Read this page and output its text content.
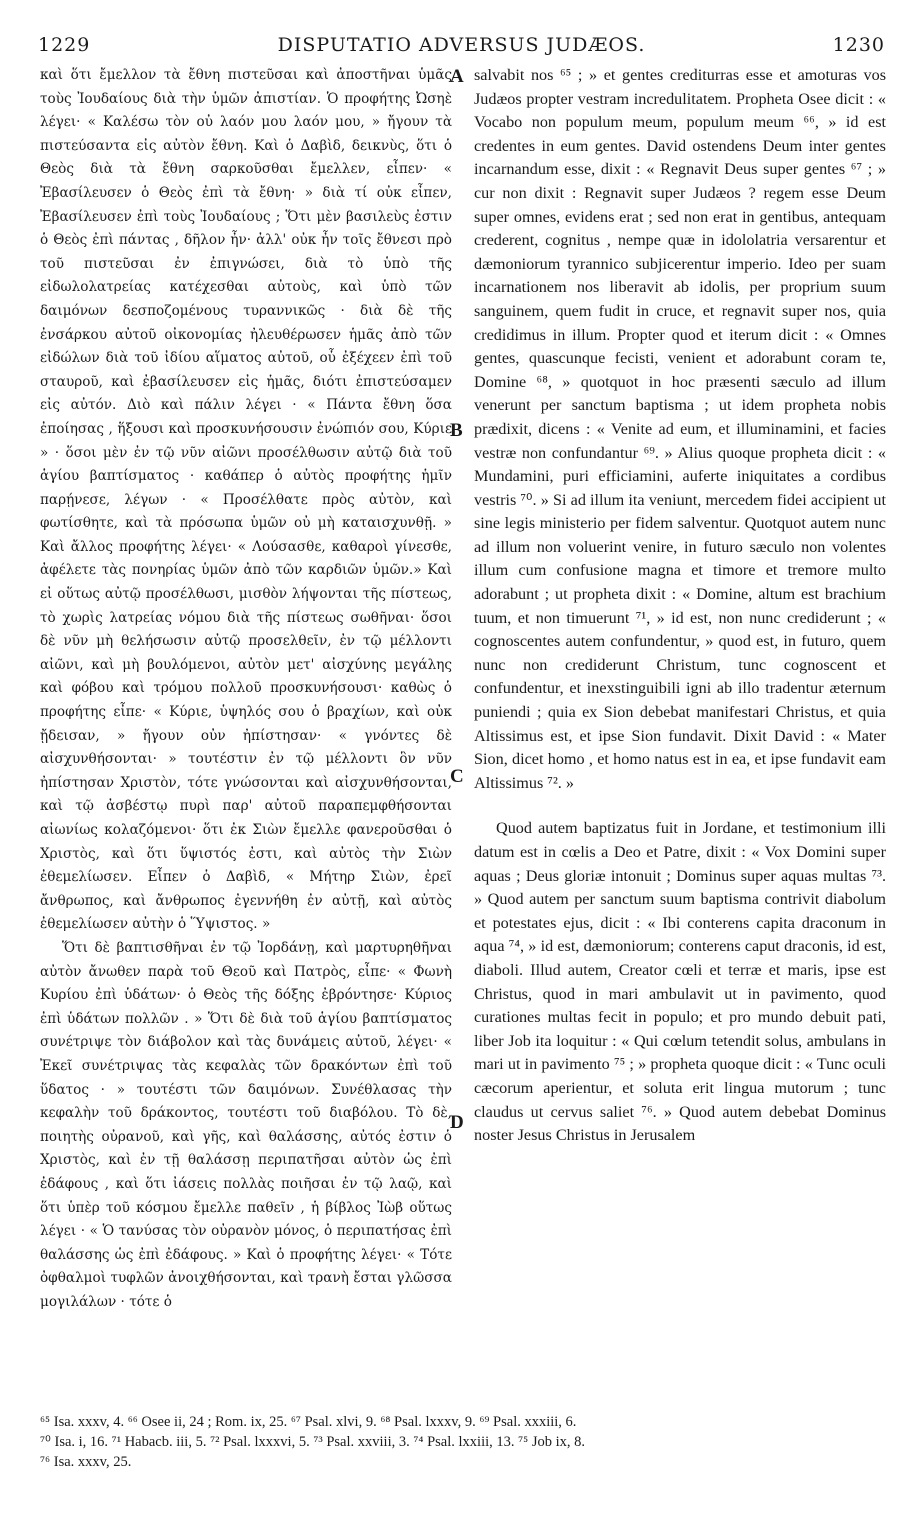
1229	DISPUTATIO ADVERSUS JUDÆOS.	1230

καὶ ὅτι ἔμελλον τὰ ἔθνη πιστεῦσαι καὶ ἀποστῆναι ὑμᾶς τοὺς Ἰουδαίους διὰ τὴν ὑμῶν ἀπιστίαν. Ὁ προφήτης Ὠσηὲ λέγει· « Καλέσω τὸν οὐ λαόν μου λαόν μου, » ἤγουν τὰ πιστεύσαντα εἰς αὐτὸν ἔθνη. Καὶ ὁ Δαβὶδ, δεικνὺς, ὅτι ὁ Θεὸς διὰ τὰ ἔθνη σαρκοῦσθαι ἔμελλεν, εἶπεν· « Ἐβασίλευσεν ὁ Θεὸς ἐπὶ τὰ ἔθνη· » διὰ τί οὐκ εἶπεν, Ἐβασίλευσεν ἐπὶ τοὺς Ἰουδαίους ; Ὅτι μὲν βασιλεὺς ἐστιν ὁ Θεὸς ἐπὶ πάντας , δῆλον ἦν· ἀλλ' οὐκ ἦν τοῖς ἔθνεσι πρὸ τοῦ πιστεῦσαι ἐν ἐπιγνώσει, διὰ τὸ ὑπὸ τῆς εἰδωλολατρείας κατέχεσθαι αὐτοὺς, καὶ ὑπὸ τῶν δαιμόνων δεσποζομένους τυραννικῶς · διὰ δὲ τῆς ἐνσάρκου αὐτοῦ οἰκονομίας ἠλευθέρωσεν ἡμᾶς ἀπὸ τῶν εἰδώλων διὰ τοῦ ἰδίου αἵματος αὐτοῦ, οὗ ἐξέχεεν ἐπὶ τοῦ σταυροῦ, καὶ ἐβασίλευσεν εἰς ἡμᾶς, διότι ἐπιστεύσαμεν εἰς αὐτόν. Διὸ καὶ πάλιν λέγει · « Πάντα ἔθνη ὅσα ἐποίησας , ἥξουσι καὶ προσκυνήσουσιν ἐνώπιόν σου, Κύριε » · ὅσοι μὲν ἐν τῷ νῦν αἰῶνι προσέλθωσιν αὐτῷ διὰ τοῦ ἁγίου βαπτίσματος · καθάπερ ὁ αὐτὸς προφήτης ἡμῖν παρῄνεσε, λέγων · « Προσέλθατε πρὸς αὐτὸν, καὶ φωτίσθητε, καὶ τὰ πρόσωπα ὑμῶν οὐ μὴ καταισχυνθῇ. » Καὶ ἄλλος προφήτης λέγει· « Λούσασθε, καθαροὶ γίνεσθε, ἀφέλετε τὰς πονηρίας ὑμῶν ἀπὸ τῶν καρδιῶν ὑμῶν.» Καὶ εἰ οὕτως αὐτῷ προσέλθωσι, μισθὸν λήψονται τῆς πίστεως, τὸ χωρὶς λατρείας νόμου διὰ τῆς πίστεως σωθῆναι· ὅσοι δὲ νῦν μὴ θελήσωσιν αὐτῷ προσελθεῖν, ἐν τῷ μέλλοντι αἰῶνι, καὶ μὴ βουλόμενοι, αὐτὸν μετ' αἰσχύνης μεγάλης καὶ φόβου καὶ τρόμου πολλοῦ προσκυνήσουσι· καθὼς ὁ προφήτης εἶπε· « Κύριε, ὑψηλός σου ὁ βραχίων, καὶ οὐκ ᾔδεισαν, » ἤγουν οὐν ἠπίστησαν· « γνόντες δὲ αἰσχυνθήσονται· » τουτέστιν ἐν τῷ μέλλοντι ὃν νῦν ἠπίστησαν Χριστὸν, τότε γνώσονται καὶ αἰσχυνθήσονται, καὶ τῷ ἀσβέστῳ πυρὶ παρ' αὐτοῦ παραπεμφθήσονται αἰωνίως κολαζόμενοι· ὅτι ἐκ Σιὼν ἔμελλε φανεροῦσθαι ὁ Χριστὸς, καὶ ὅτι ὕψιστός ἐστι, καὶ αὐτὸς τὴν Σιὼν ἐθεμελίωσεν. Εἶπεν ὁ Δαβὶδ, « Μήτηρ Σιὼν, ἐρεῖ ἄνθρωπος, καὶ ἄνθρωπος ἐγεννήθη ἐν αὐτῇ, καὶ αὐτὸς ἐθεμελίωσεν αὐτὴν ὁ Ὕψιστος. »

Ὅτι δὲ βαπτισθῆναι ἐν τῷ Ἰορδάνῃ, καὶ μαρτυρηθῆναι αὐτὸν ἄνωθεν παρὰ τοῦ Θεοῦ καὶ Πατρὸς, εἶπε· « Φωνὴ Κυρίου ἐπὶ ὑδάτων· ὁ Θεὸς τῆς δόξης ἐβρόντησε· Κύριος ἐπὶ ὑδάτων πολλῶν . » Ὅτι δὲ διὰ τοῦ ἁγίου βαπτίσματος συνέτριψε τὸν διάβολον καὶ τὰς δυνάμεις αὐτοῦ, λέγει· « Ἐκεῖ συνέτριψας τὰς κεφαλὰς τῶν δρακόντων ἐπὶ τοῦ ὕδατος · » τουτέστι τῶν δαιμόνων. Συνέθλασας τὴν κεφαλὴν τοῦ δράκοντος, τουτέστι τοῦ διαβόλου. Τὸ δὲ, ποιητὴς οὐρανοῦ, καὶ γῆς, καὶ θαλάσσης, αὐτός ἐστιν ὁ Χριστὸς, καὶ ἐν τῇ θαλάσσῃ περιπατῆσαι αὐτὸν ὡς ἐπὶ ἐδάφους , καὶ ὅτι ἰάσεις πολλὰς ποιῆσαι ἐν τῷ λαῷ, καὶ ὅτι ὑπὲρ τοῦ κόσμου ἔμελλε παθεῖν , ἡ βίβλος Ἰὼβ οὕτως λέγει · « Ὁ τανύσας τὸν οὐρανὸν μόνος, ὁ περιπατήσας ἐπὶ θαλάσσης ὡς ἐπὶ ἐδάφους. » Καὶ ὁ προφήτης λέγει· « Τότε ὀφθαλμοὶ τυφλῶν ἀνοιχθήσονται, καὶ τρανὴ ἔσται γλῶσσα μογιλάλων · τότε ὁ

salvabit nos ⁶⁵ ; » et gentes crediturras esse et amoturas vos Judæos propter vestram incredulitatem. Propheta Osee dicit : « Vocabo non populum meum, populum meum ⁶⁶, » id est credentes in eum gentes. David ostendens Deum inter gentes incarnandum esse, dixit : « Regnavit Deus super gentes ⁶⁷ ; » cur non dixit : Regnavit super Judæos ? regem esse Deum super omnes, evidens erat ; sed non erat in gentibus, antequam crederent, cognitus , nempe quæ in idololatria versarentur et dæmoniorum tyrannico subjicerentur imperio. Ideo per suam incarnationem nos liberavit ab idolis, per proprium suum sanguinem, quem fudit in cruce, et regnavit super nos, quia credidimus in illum. Propter quod et iterum dicit : « Omnes gentes, quascunque fecisti, venient et adorabunt coram te, Domine ⁶⁸, » quotquot in hoc præsenti sæculo ad illum venerunt per sanctum baptisma ; ut idem propheta nobis prædixit, dicens : « Venite ad eum, et illuminamini, et facies vestræ non confundantur ⁶⁹. » Alius quoque propheta dicit : « Mundamini, puri efficiamini, auferte iniquitates a cordibus vestris ⁷⁰. » Si ad illum ita veniunt, mercedem fidei accipient ut sine legis ministerio per fidem salventur. Quotquot autem nunc ad illum non voluerint venire, in futuro sæculo non volentes illum cum confusione magna et timore et tremore multo adorabunt ; ut propheta dixit : « Domine, altum est brachium tuum, et non timuerunt ⁷¹, » id est, non nunc crediderunt ; « cognoscentes autem confundentur, » quod est, in futuro, quem nunc non crediderunt Christum, tunc cognoscent et confundentur, et inexstinguibili igni ab illo tradentur æternum puniendi ; quia ex Sion debebat manifestari Christus, et quia Altissimus est, et ipse Sion fundavit. Dixit David : « Mater Sion, dicet homo , et homo natus est in ea, et ipse fundavit eam Altissimus ⁷². »

Quod autem baptizatus fuit in Jordane, et testimonium illi datum est in cœlis a Deo et Patre, dixit : « Vox Domini super aquas ; Deus gloriæ intonuit ; Dominus super aquas multas ⁷³. » Quod autem per sanctum suum baptisma contrivit diabolum et potestates ejus, dicit : « Ibi conterens capita draconum in aqua ⁷⁴, » id est, dæmoniorum; conterens caput draconis, id est, diaboli. Illud autem, Creator cœli et terræ et maris, ipse est Christus, quod in mari ambulavit ut in pavimento, quod curationes multas fecit in populo; et pro mundo debuit pati, liber Job ita loquitur : « Qui cœlum tetendit solus, ambulans in mari ut in pavimento ⁷⁵ ; » propheta quoque dicit : « Tunc oculi cæcorum aperientur, et soluta erit lingua mutorum ; tunc claudus ut cervus saliet ⁷⁶. » Quod autem debebat Dominus noster Jesus Christus in Jerusalem

A
B
C
D
⁶⁵ Isa. xxxv, 4. ⁶⁶ Osee ii, 24 ; Rom. ix, 25. ⁶⁷ Psal. xlvi, 9. ⁶⁸ Psal. lxxxv, 9. ⁶⁹ Psal. xxxiii, 6.
⁷⁰ Isa. i, 16. ⁷¹ Habacb. iii, 5. ⁷² Psal. lxxxvi, 5. ⁷³ Psal. xxviii, 3. ⁷⁴ Psal. lxxiii, 13. ⁷⁵ Job ix, 8.
⁷⁶ Isa. xxxv, 25.
